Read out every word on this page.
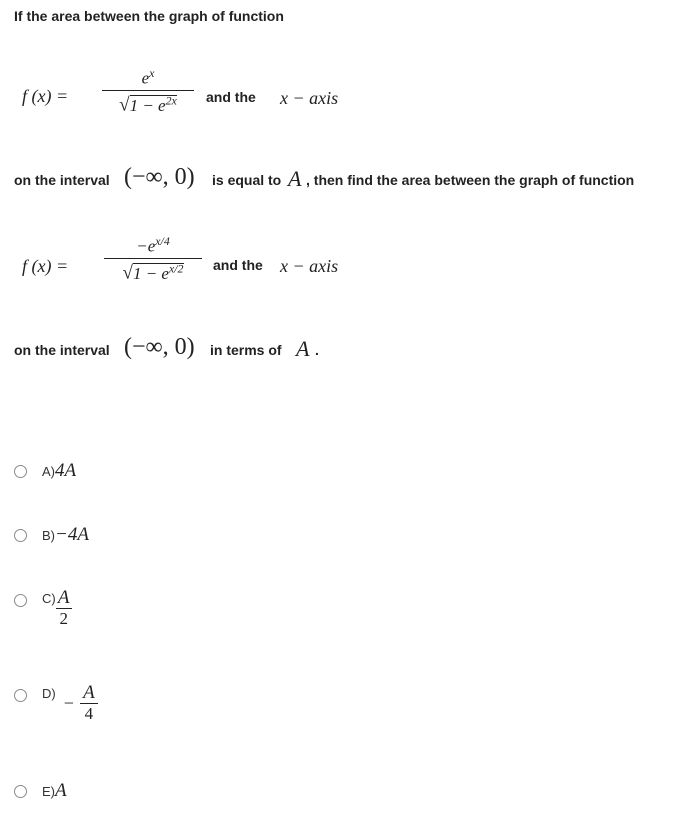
If the area between the graph of function
f $(x) = \frac{e^x}{√1 - e^{2x}}$ and the x − axis
on the interval (−∞, 0) is equal to A , then find the area between the graph of function
f $(x) = \frac{-e^{x/4}}{√1 - e^{x/2}}$ and the x − axis
on the interval (−∞, 0) in terms of A .
A) 4A
B) −4A
$C) \frac{A}{2}$
$D) - \frac{A}{4}$
E) A
